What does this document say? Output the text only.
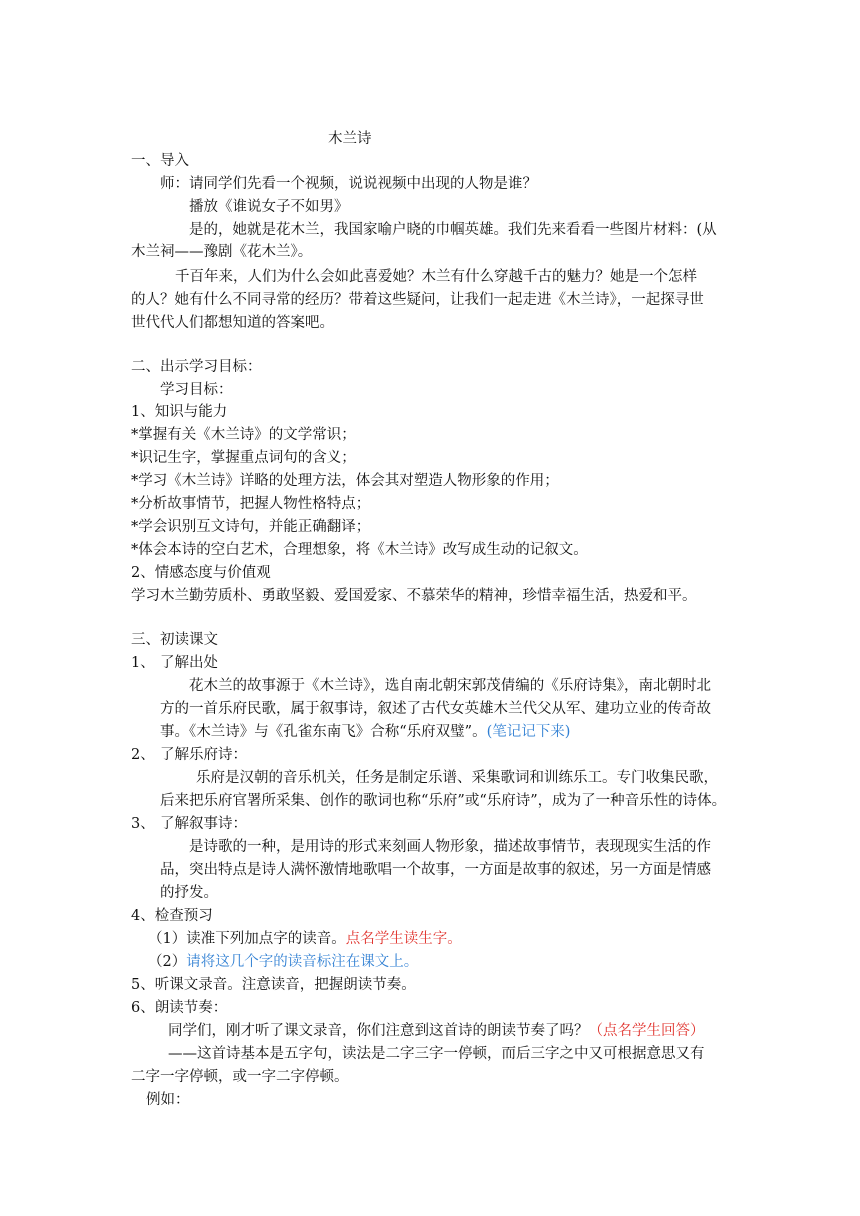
木兰诗
一、导入
师：请同学们先看一个视频，说说视频中出现的人物是谁？
播放《谁说女子不如男》
是的，她就是花木兰，我国家喻户晓的巾帼英雄。我们先来看看一些图片材料：(从
木兰祠——豫剧《花木兰》。
千百年来，人们为什么会如此喜爱她？木兰有什么穿越千古的魅力？她是一个怎样
的人？她有什么不同寻常的经历？带着这些疑问，让我们一起走进《木兰诗》，一起探寻世
世代代人们都想知道的答案吧。
二、出示学习目标：
学习目标：
1、知识与能力
*掌握有关《木兰诗》的文学常识；
*识记生字，掌握重点词句的含义；
*学习《木兰诗》详略的处理方法，体会其对塑造人物形象的作用；
*分析故事情节，把握人物性格特点；
*学会识别互文诗句，并能正确翻译；
*体会本诗的空白艺术，合理想象，将《木兰诗》改写成生动的记叙文。
2、情感态度与价值观
学习木兰勤劳质朴、勇敢坚毅、爱国爱家、不慕荣华的精神，珍惜幸福生活，热爱和平。
三、初读课文
1、 了解出处
花木兰的故事源于《木兰诗》，选自南北朝宋郭茂倩编的《乐府诗集》，南北朝时北
方的一首乐府民歌，属于叙事诗，叙述了古代女英雄木兰代父从军、建功立业的传奇故
事。《木兰诗》与《孔雀东南飞》合称“乐府双璧”。(笔记记下来)
2、 了解乐府诗：
乐府是汉朝的音乐机关，任务是制定乐谱、采集歌词和训练乐工。专门收集民歌，
后来把乐府官署所采集、创作的歌词也称“乐府”或“乐府诗”，成为了一种音乐性的诗体。
3、 了解叙事诗：
是诗歌的一种，是用诗的形式来刻画人物形象，描述故事情节，表现现实生活的作
品，突出特点是诗人满怀激情地歌唱一个故事，一方面是故事的叙述，另一方面是情感
的抒发。
4、检查预习
（1）读准下列加点字的读音。点名学生读生字。
（2）请将这几个字的读音标注在课文上。
5、听课文录音。注意读音，把握朗读节奏。
6、朗读节奏：
同学们，刚才听了课文录音，你们注意到这首诗的朗读节奏了吗？（点名学生回答）
——这首诗基本是五字句，读法是二字三字一停顿，而后三字之中又可根据意思又有
二字一字停顿，或一字二字停顿。
例如：
